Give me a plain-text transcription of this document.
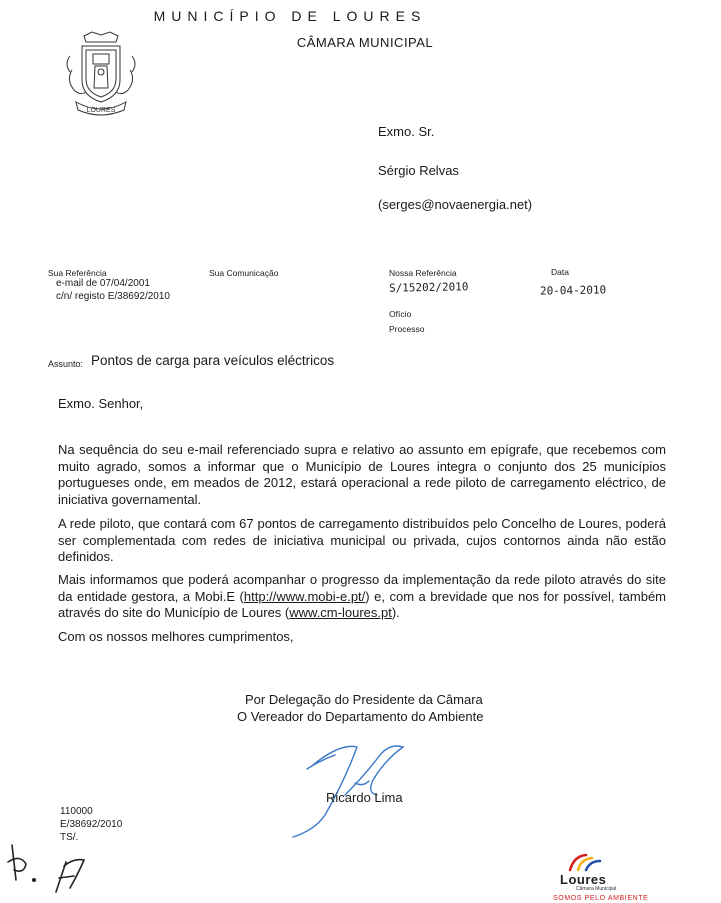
MUNICÍPIO DE LOURES
CÂMARA MUNICIPAL
LOURES
Exmo. Sr.
Sérgio Relvas
(serges@novaenergia.net)
Sua Referência
e-mail de 07/04/2001
c/n/ registo E/38692/2010
Sua Comunicação	Nossa Referência
S/15202/2010
Data
20-04-2010
Ofício
Processo
Assunto: Pontos de carga para veículos eléctricos
Exmo. Senhor,
Na sequência do seu e-mail referenciado supra e relativo ao assunto em epígrafe, que recebemos com muito agrado, somos a informar que o Município de Loures integra o conjunto dos 25 municípios portugueses onde, em meados de 2012, estará operacional a rede piloto de carregamento eléctrico, de iniciativa governamental.
A rede piloto, que contará com 67 pontos de carregamento distribuídos pelo Concelho de Loures, poderá ser complementada com redes de iniciativa municipal ou privada, cujos contornos ainda não estão definidos.
Mais informamos que poderá acompanhar o progresso da implementação da rede piloto através do site da entidade gestora, a Mobi.E (http://www.mobi-e.pt/) e, com a brevidade que nos for possível, também através do site do Município de Loures (www.cm-loures.pt).
Com os nossos melhores cumprimentos,
Por Delegação do Presidente da Câmara
O Vereador do Departamento do Ambiente
Ricardo Lima
110000
E/38692/2010
TS/.
Loures
Câmara Municipal
SOMOS PELO AMBIENTE
